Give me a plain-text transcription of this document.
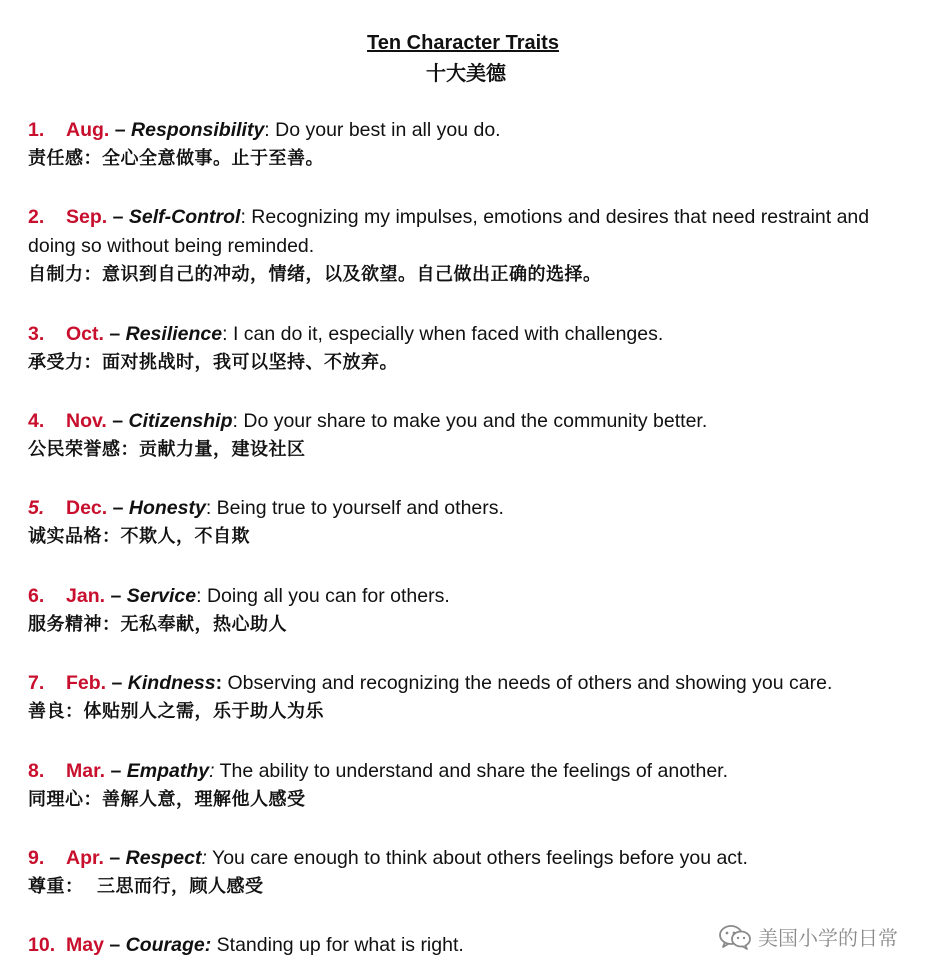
Ten Character Traits
十大美德
1. Aug. – Responsibility: Do your best in all you do.
责任感：全心全意做事。止于至善。
2. Sep. – Self-Control: Recognizing my impulses, emotions and desires that need restraint and doing so without being reminded.
自制力：意识到自己的冲动，情绪，以及欲望。自己做出正确的选择。
3. Oct. – Resilience: I can do it, especially when faced with challenges.
承受力：面对挑战时，我可以坚持、不放弃。
4. Nov. – Citizenship: Do your share to make you and the community better.
公民荣誉感：贡献力量，建设社区
5. Dec. – Honesty: Being true to yourself and others.
诚实品格：不欺人，不自欺
6. Jan. – Service: Doing all you can for others.
服务精神：无私奉献，热心助人
7. Feb. – Kindness: Observing and recognizing the needs of others and showing you care.
善良：体贴别人之需，乐于助人为乐
8. Mar. – Empathy: The ability to understand and share the feelings of another.
同理心：善解人意，理解他人感受
9. Apr. – Respect: You care enough to think about others feelings before you act.
尊重：  三思而行，顾人感受
10. May – Courage: Standing up for what is right.	美国小学的日常
